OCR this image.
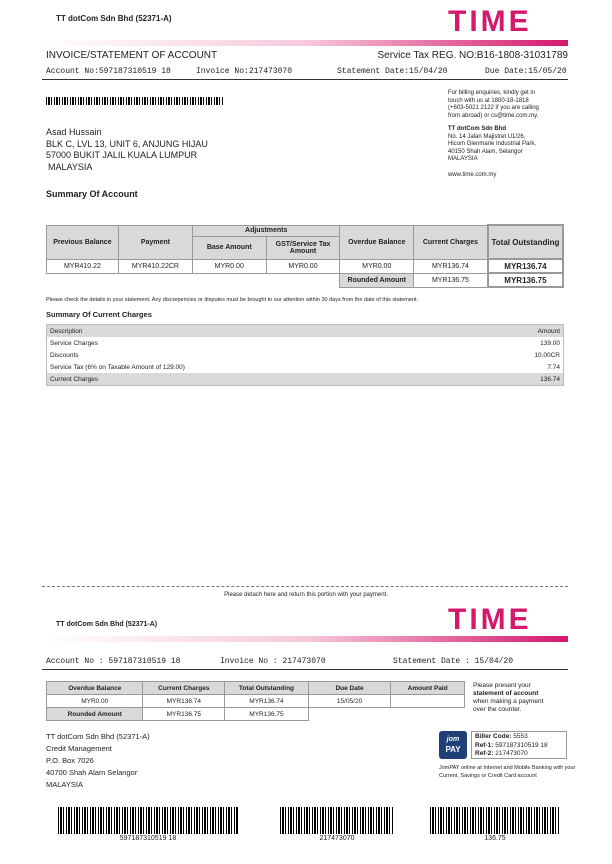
TT dotCom Sdn Bhd (52371-A)	TIME
INVOICE/STATEMENT OF ACCOUNT	Service Tax REG. NO:B16-1808-31031789
Account No:597187310519 18	Invoice No:217473070	Statement Date:15/04/20	Due Date:15/05/20
Asad Hussain
BLK C, LVL 13, UNIT 6, ANJUNG HIJAU
57000 BUKIT JALIL KUALA LUMPUR
MALAYSIA
For billing enquiries, kindly get in
touch with us at 1800-18-1818
(+603-5021 2122 if you are calling
from abroad) or cs@time.com.my.
TT dotCom Sdn Bhd
No. 14 Jalan Majistret U1/26,
Hicom Glenmarie Industrial Park,
40150 Shah Alam, Selangor
MALAYSIA
www.time.com.my
Summary Of Account
Previous Balance	Payment	Adjustments		Overdue Balance	Current Charges	Total Outstanding
		Base Amount	GST/Service Tax Amount			
MYR410.22	MYR410.22CR	MYR0.00	MYR0.00	MYR0.00	MYR136.74	MYR136.74
				Rounded Amount	MYR136.75	MYR136.75
Please check the details in your statement. Any discrepencies or disputes must be brought to our attention within 30 days from the date of this statement.
Summary Of Current Charges
Description	Amount
Service Charges	139.00
Discounts	10.00CR
Service Tax (6% on Taxable Amount of 129.00)	7.74
Current Charges	136.74
Please detach here and return this portion with your payment.
TT dotCom Sdn Bhd (52371-A)	TIME
Account No : 597187310519 18	Invoice No : 217473070	Statement Date : 15/04/20
Overdue Balance	Current Charges	Total Outstanding	Due Date	Amount Paid
MYR0.00	MYR136.74	MYR136.74	15/05/20	
Rounded Amount	MYR136.75	MYR136.75		
Please present your
statement of account
when making a payment
over the counter.
TT dotCom Sdn Bhd (52371-A)
Credit Management
P.O. Box 7026
40700 Shah Alam Selangor
MALAYSIA
jom
PAY
Biller Code: 5553
Ref-1: 597187310519 18
Ref-2: 217473070
JomPAY online at Internet and Mobile Banking with your
Current, Savings or Credit Card account
597187310519 18	217473070	136.75
